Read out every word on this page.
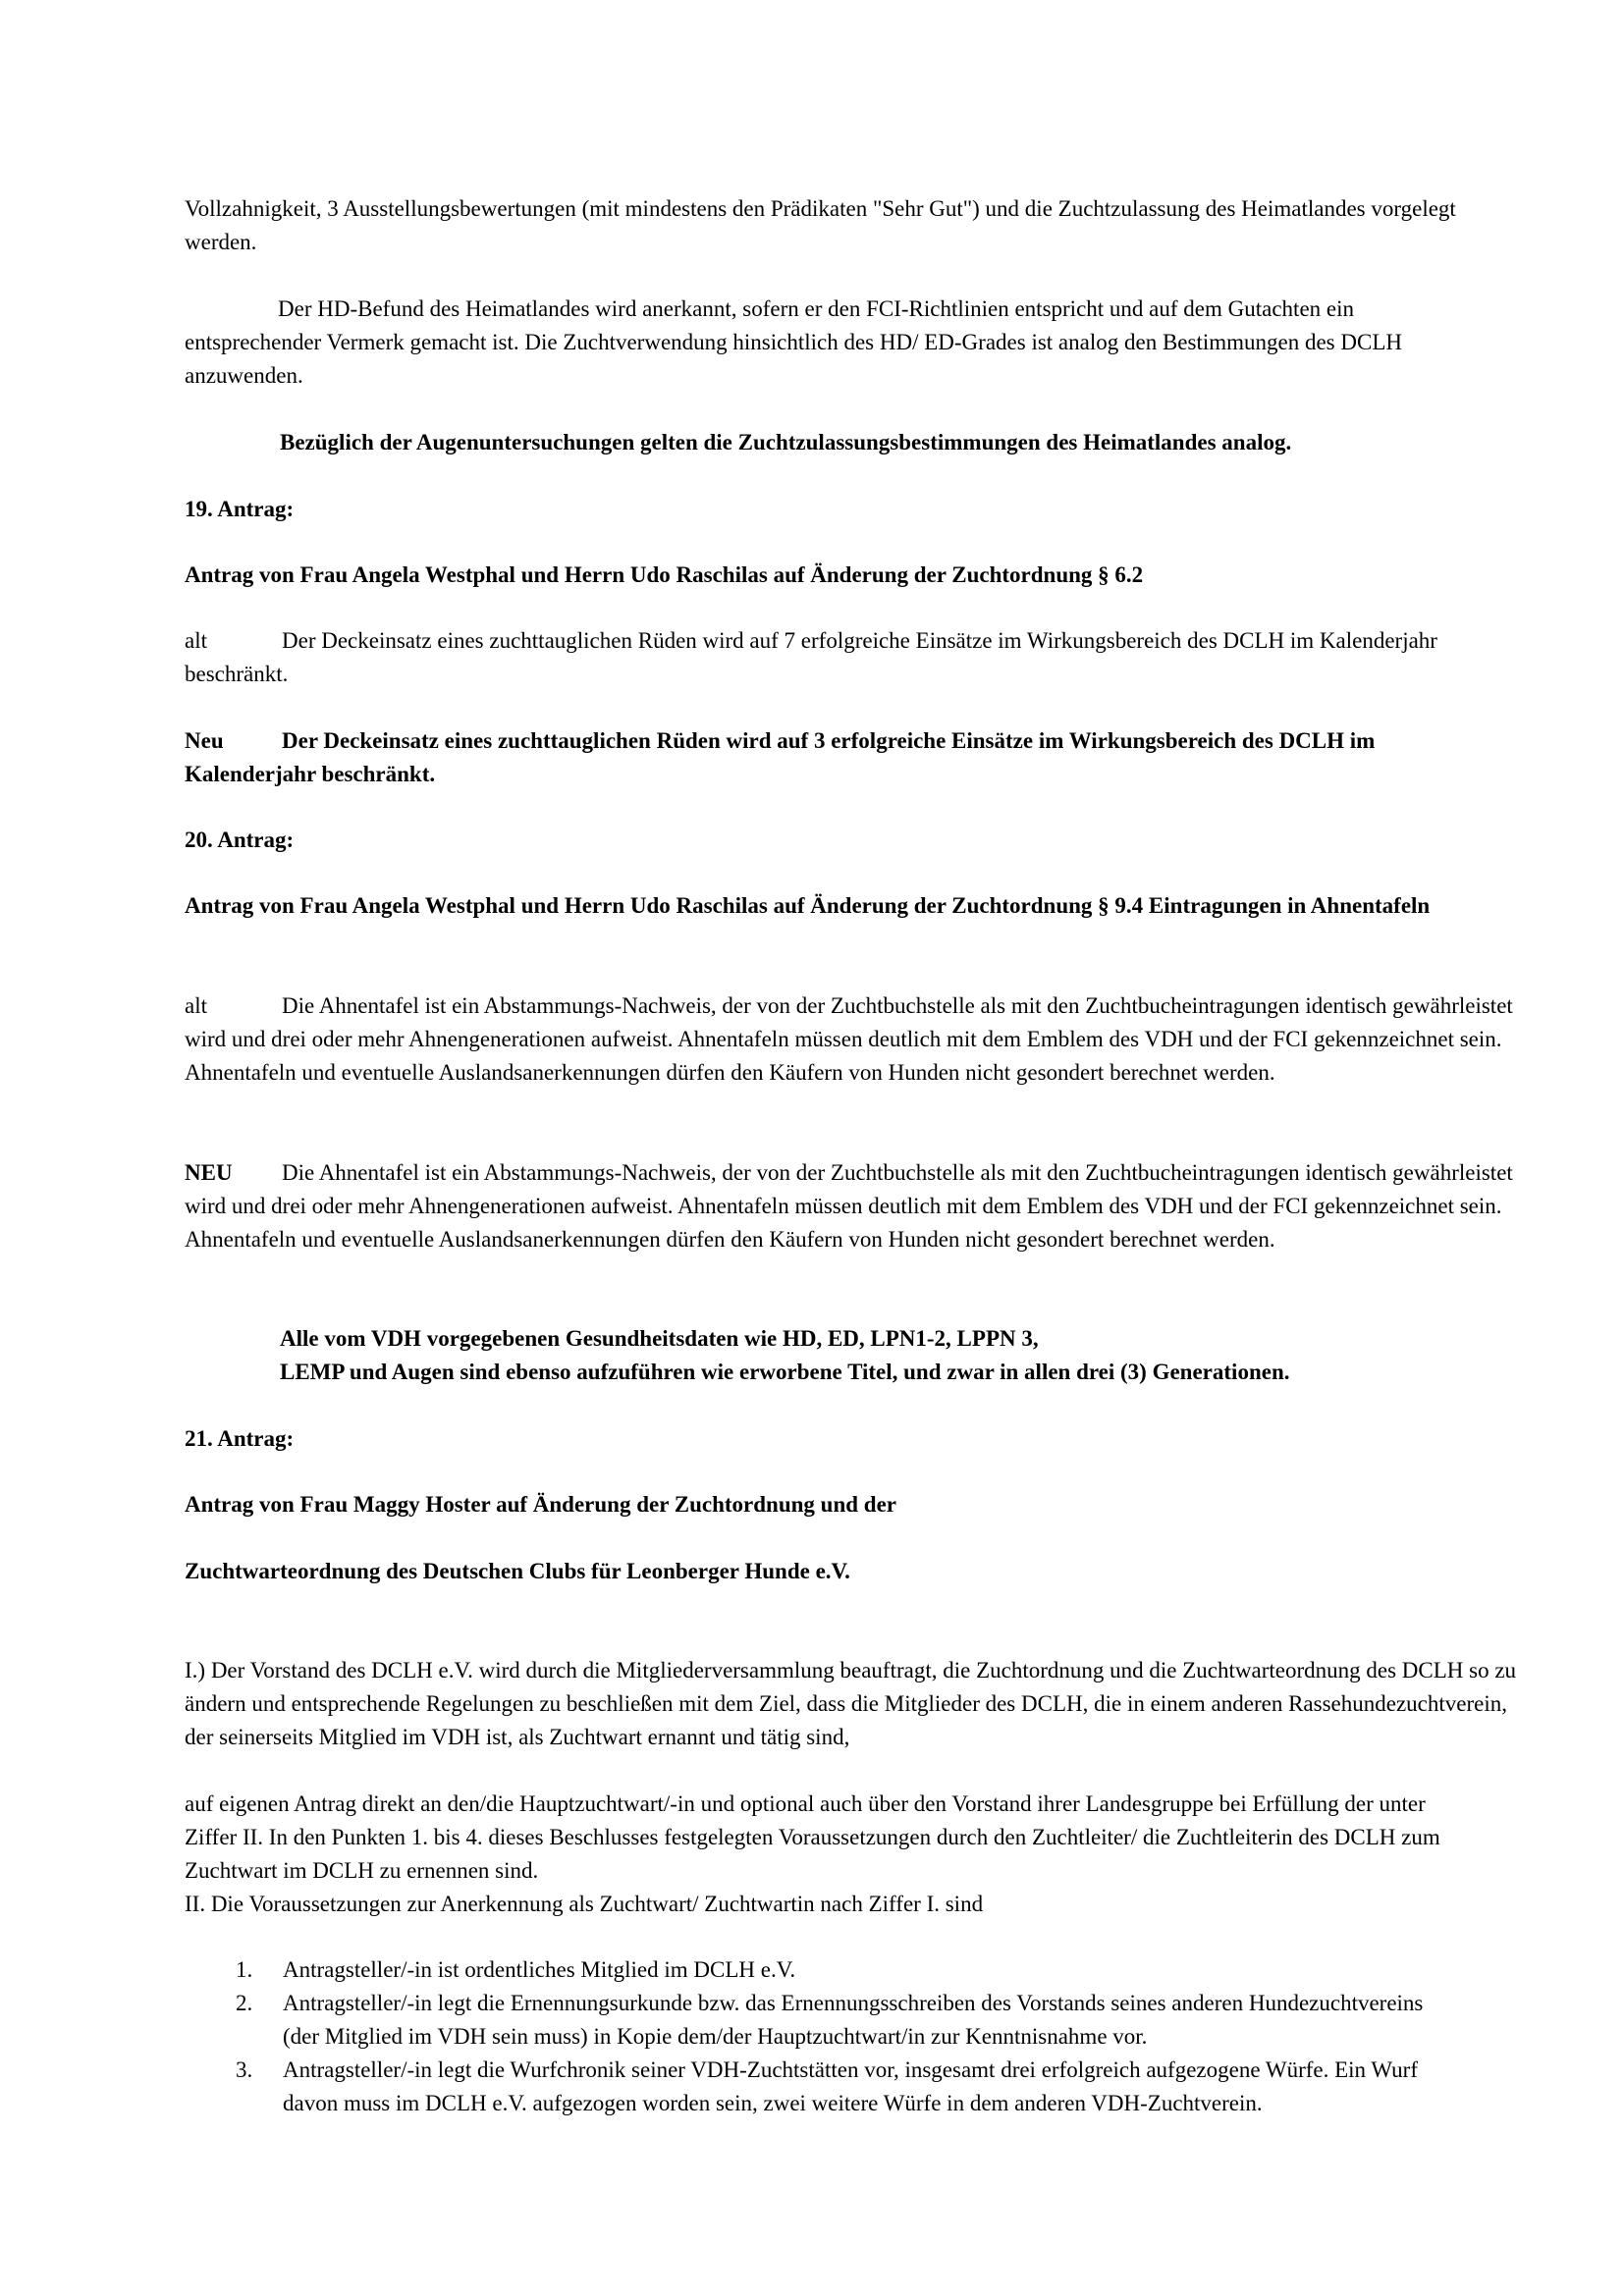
Vollzahnigkeit, 3 Ausstellungsbewertungen (mit mindestens den Prädikaten "Sehr Gut") und die Zuchtzulassung des Heimatlandes vorgelegt werden.

Der HD-Befund des Heimatlandes wird anerkannt, sofern er den FCI-Richtlinien entspricht und auf dem Gutachten ein entsprechender Vermerk gemacht ist. Die Zuchtverwendung hinsichtlich des HD/ ED-Grades ist analog den Bestimmungen des DCLH anzuwenden.

Bezüglich der Augenuntersuchungen gelten die Zuchtzulassungsbestimmungen des Heimatlandes analog.

19. Antrag:

Antrag von Frau Angela Westphal und Herrn Udo Raschilas auf Änderung der Zuchtordnung § 6.2

alt	Der Deckeinsatz eines zuchttauglichen Rüden wird auf 7 erfolgreiche Einsätze im Wirkungsbereich des DCLH im Kalenderjahr beschränkt.

Neu	Der Deckeinsatz eines zuchttauglichen Rüden wird auf 3 erfolgreiche Einsätze im Wirkungsbereich des DCLH im Kalenderjahr beschränkt.

20. Antrag:

Antrag von Frau Angela Westphal und Herrn Udo Raschilas auf Änderung der Zuchtordnung § 9.4 Eintragungen in Ahnentafeln

alt	Die Ahnentafel ist ein Abstammungs-Nachweis, der von der Zuchtbuchstelle als mit den Zuchtbucheintragungen identisch gewährleistet wird und drei oder mehr Ahnengenerationen aufweist. Ahnentafeln müssen deutlich mit dem Emblem des VDH und der FCI gekennzeichnet sein. Ahnentafeln und eventuelle Auslandsanerkennungen dürfen den Käufern von Hunden nicht gesondert berechnet werden.

NEU Die Ahnentafel ist ein Abstammungs-Nachweis, der von der Zuchtbuchstelle als mit den Zuchtbucheintragungen identisch gewährleistet wird und drei oder mehr Ahnengenerationen aufweist. Ahnentafeln müssen deutlich mit dem Emblem des VDH und der FCI gekennzeichnet sein. Ahnentafeln und eventuelle Auslandsanerkennungen dürfen den Käufern von Hunden nicht gesondert berechnet werden.

Alle vom VDH vorgegebenen Gesundheitsdaten wie HD, ED, LPN1-2, LPPN 3,

LEMP und Augen sind ebenso aufzuführen wie erworbene Titel, und zwar in allen drei (3) Generationen.

21. Antrag:

Antrag von Frau Maggy Hoster auf Änderung der Zuchtordnung und der

Zuchtwarteordnung des Deutschen Clubs für Leonberger Hunde e.V.

I.) Der Vorstand des DCLH e.V. wird durch die Mitgliederversammlung beauftragt, die Zuchtordnung und die Zuchtwarteordnung des DCLH so zu ändern und entsprechende Regelungen zu beschließen mit dem Ziel, dass die Mitglieder des DCLH, die in einem anderen Rassehundezuchtverein, der seinerseits Mitglied im VDH ist, als Zuchtwart ernannt und tätig sind,

auf eigenen Antrag direkt an den/die Hauptzuchtwart/-in und optional auch über den Vorstand ihrer Landesgruppe bei Erfüllung der unter Ziffer II. In den Punkten 1. bis 4. dieses Beschlusses festgelegten Voraussetzungen durch den Zuchtleiter/ die Zuchtleiterin des DCLH zum Zuchtwart im DCLH zu ernennen sind.

II. Die Voraussetzungen zur Anerkennung als Zuchtwart/ Zuchtwartin nach Ziffer I. sind

1. Antragsteller/-in ist ordentliches Mitglied im DCLH e.V.
2. Antragsteller/-in legt die Ernennungsurkunde bzw. das Ernennungsschreiben des Vorstands seines anderen Hundezuchtvereins (der Mitglied im VDH sein muss) in Kopie dem/der Hauptzuchtwart/in zur Kenntnisnahme vor.
3. Antragsteller/-in legt die Wurfchronik seiner VDH-Zuchtstätten vor, insgesamt drei erfolgreich aufgezogene Würfe. Ein Wurf davon muss im DCLH e.V. aufgezogen worden sein, zwei weitere Würfe in dem anderen VDH-Zuchtverein.
